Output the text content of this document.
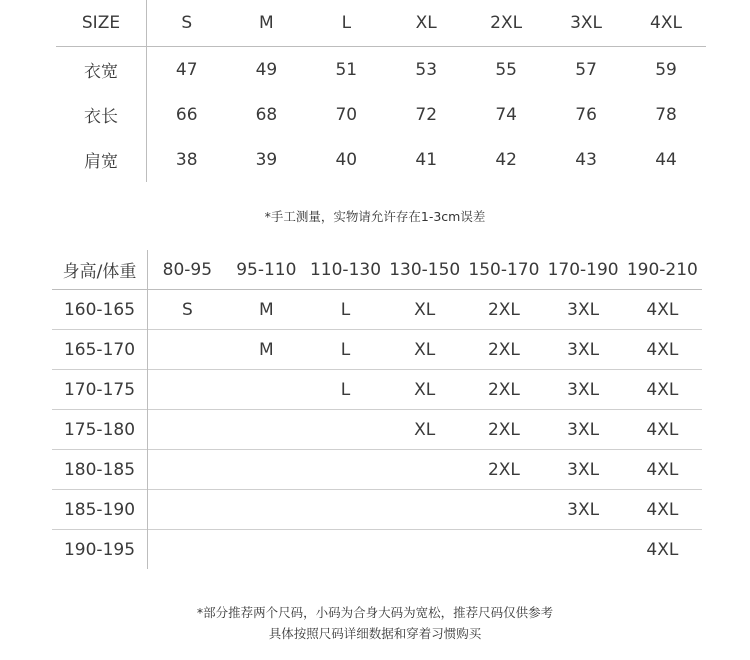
SIZE	S	M	L	XL	2XL	3XL	4XL
衣宽	47	49	51	53	55	57	59
衣长	66	68	70	72	74	76	78
肩宽	38	39	40	41	42	43	44
*手工测量，实物请允许存在1-3cm误差
身高/体重	80-95	95-110	110-130	130-150	150-170	170-190	190-210
160-165	S	M	L	XL	2XL	3XL	4XL
165-170		M	L	XL	2XL	3XL	4XL
170-175			L	XL	2XL	3XL	4XL
175-180				XL	2XL	3XL	4XL
180-185					2XL	3XL	4XL
185-190						3XL	4XL
190-195							4XL
*部分推荐两个尺码，小码为合身大码为宽松，推荐尺码仅供参考
具体按照尺码详细数据和穿着习惯购买
